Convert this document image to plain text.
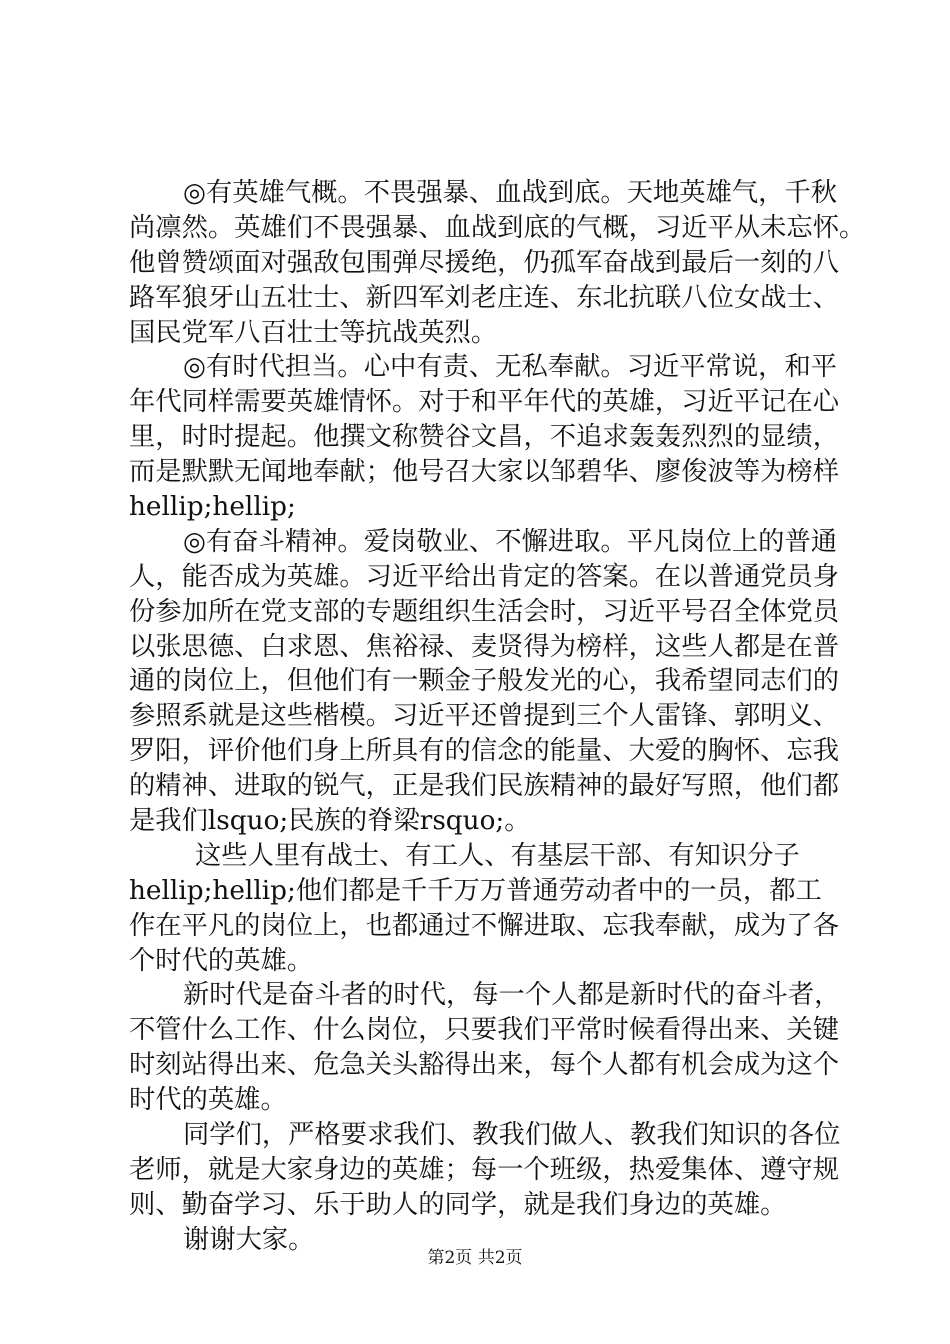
◎有英雄气概。不畏强暴、血战到底。天地英雄气，千秋
尚凛然。英雄们不畏强暴、血战到底的气概，习近平从未忘怀。
他曾赞颂面对强敌包围弹尽援绝，仍孤军奋战到最后一刻的八
路军狼牙山五壮士、新四军刘老庄连、东北抗联八位女战士、
国民党军八百壮士等抗战英烈。
◎有时代担当。心中有责、无私奉献。习近平常说，和平
年代同样需要英雄情怀。对于和平年代的英雄，习近平记在心
里，时时提起。他撰文称赞谷文昌，不追求轰轰烈烈的显绩，
而是默默无闻地奉献；他号召大家以邹碧华、廖俊波等为榜样
hellip;hellip;
◎有奋斗精神。爱岗敬业、不懈进取。平凡岗位上的普通
人，能否成为英雄。习近平给出肯定的答案。在以普通党员身
份参加所在党支部的专题组织生活会时，习近平号召全体党员
以张思德、白求恩、焦裕禄、麦贤得为榜样，这些人都是在普
通的岗位上，但他们有一颗金子般发光的心，我希望同志们的
参照系就是这些楷模。习近平还曾提到三个人雷锋、郭明义、
罗阳，评价他们身上所具有的信念的能量、大爱的胸怀、忘我
的精神、进取的锐气，正是我们民族精神的最好写照，他们都
是我们lsquo;民族的脊梁rsquo;。
这些人里有战士、有工人、有基层干部、有知识分子
hellip;hellip;他们都是千千万万普通劳动者中的一员，都工
作在平凡的岗位上，也都通过不懈进取、忘我奉献，成为了各
个时代的英雄。
新时代是奋斗者的时代，每一个人都是新时代的奋斗者，
不管什么工作、什么岗位，只要我们平常时候看得出来、关键
时刻站得出来、危急关头豁得出来，每个人都有机会成为这个
时代的英雄。
同学们，严格要求我们、教我们做人、教我们知识的各位
老师，就是大家身边的英雄；每一个班级，热爱集体、遵守规
则、勤奋学习、乐于助人的同学，就是我们身边的英雄。
谢谢大家。
第2页 共2页
